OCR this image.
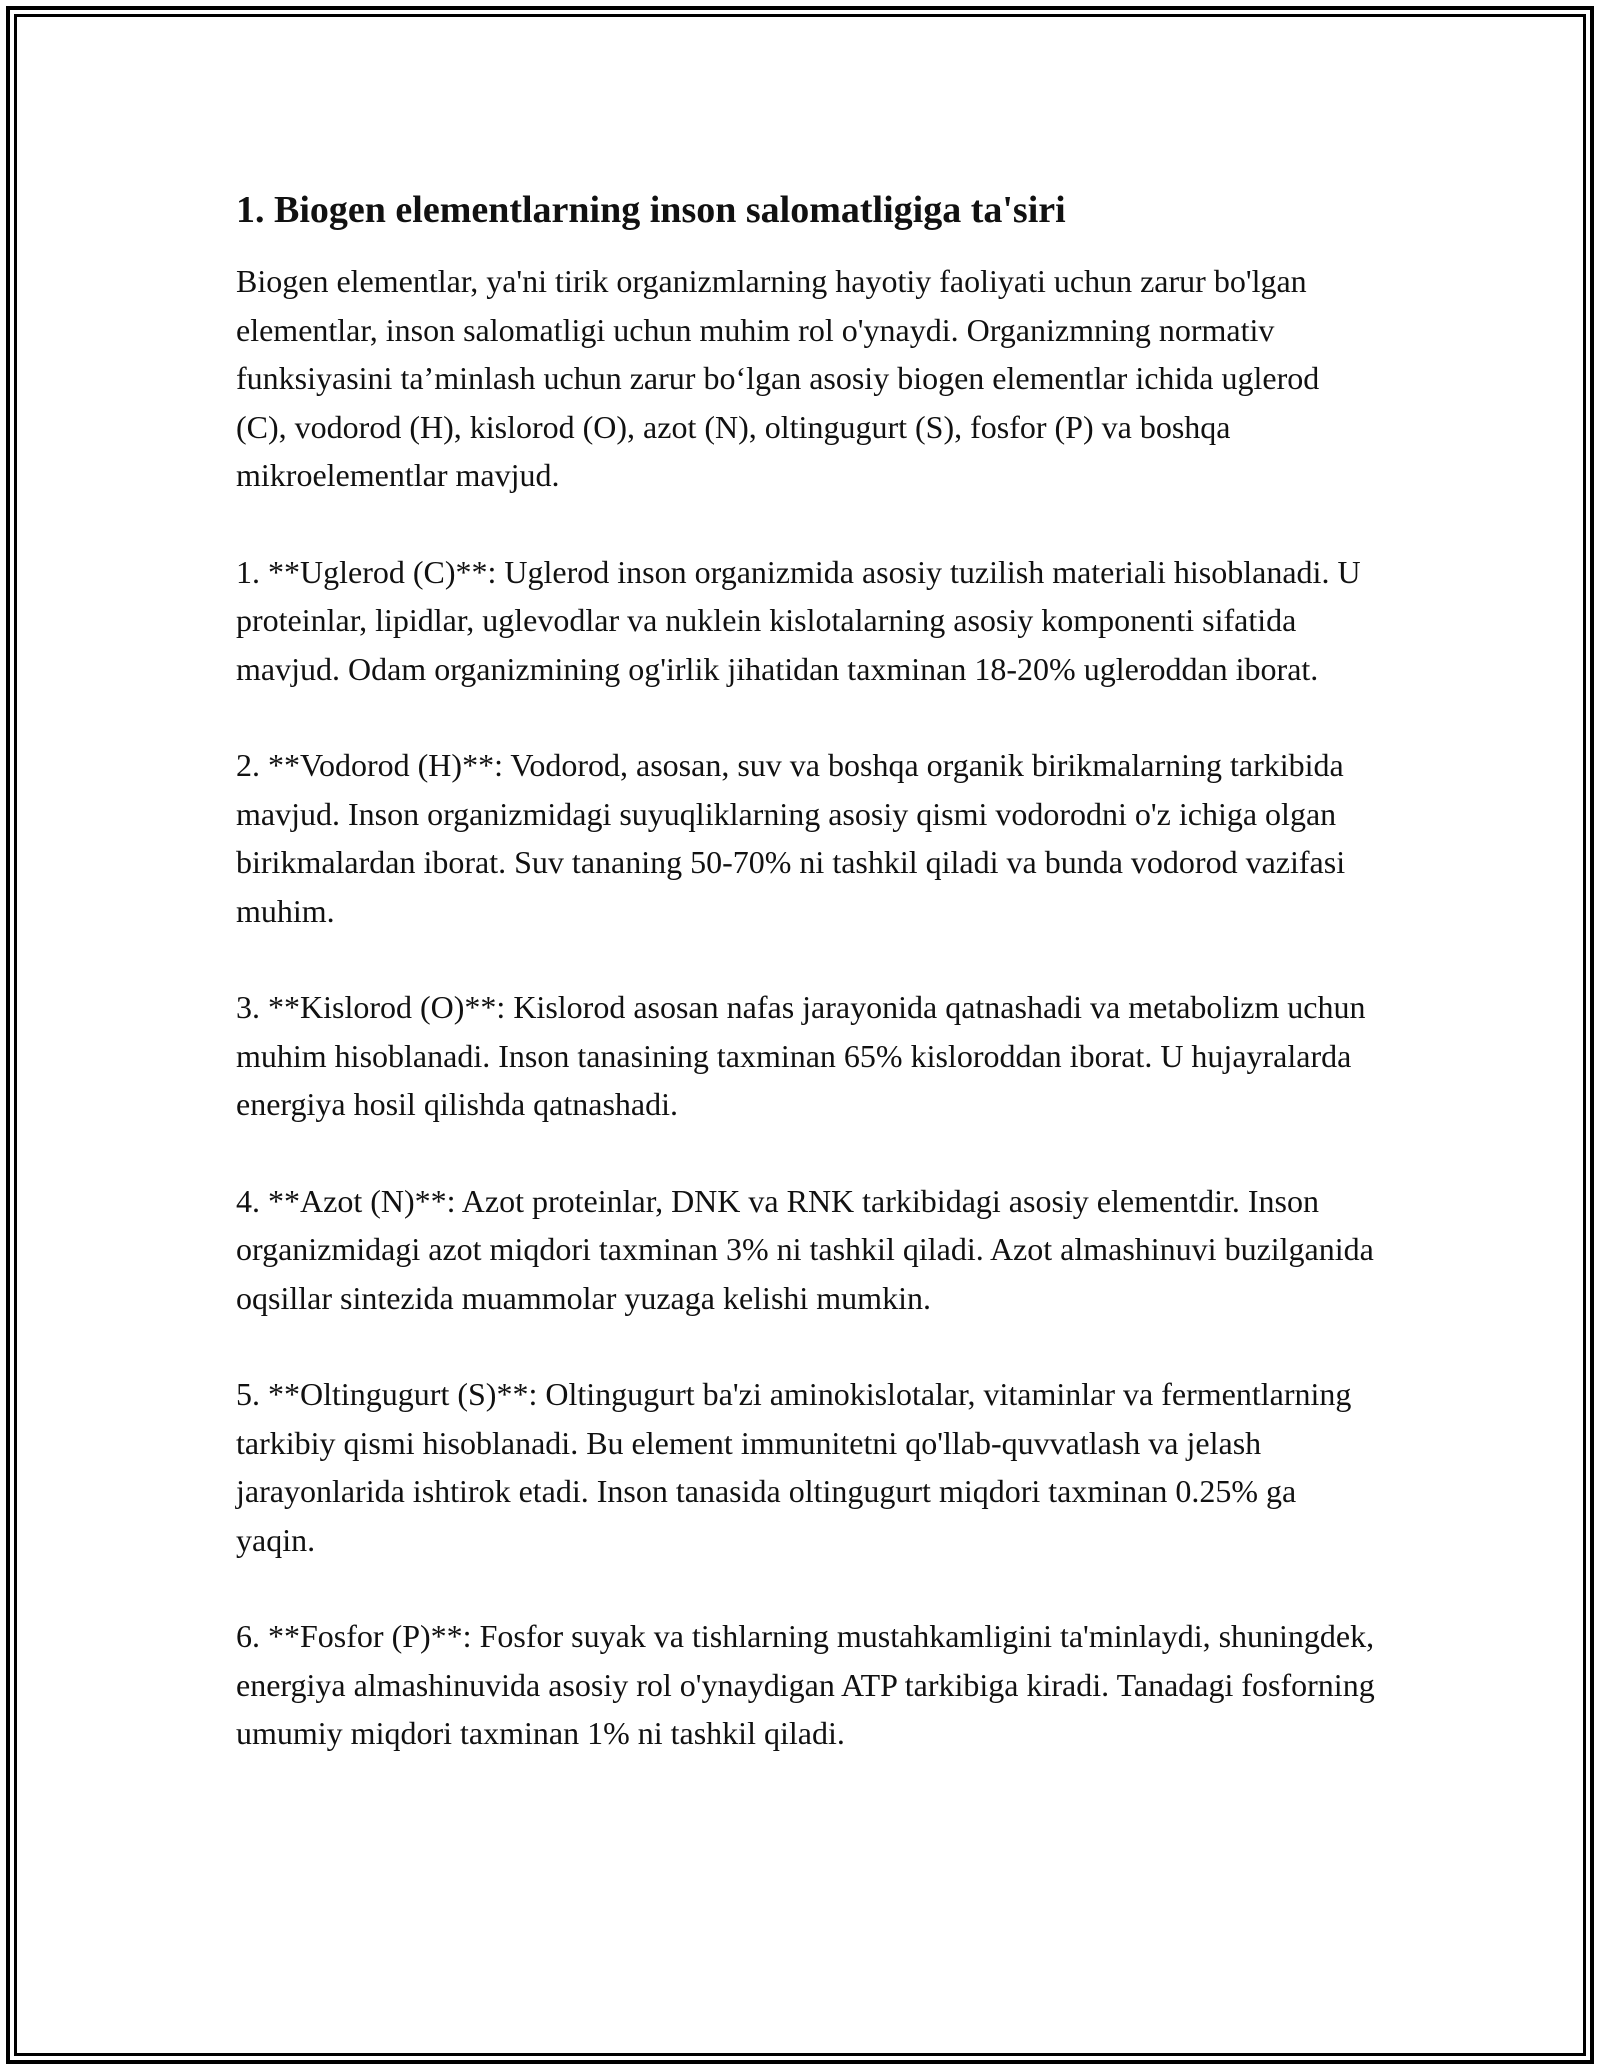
1. Biogen elementlarning inson salomatligiga ta'siri

Biogen elementlar, ya'ni tirik organizmlarning hayotiy faoliyati uchun zarur bo'lgan elementlar, inson salomatligi uchun muhim rol o'ynaydi. Organizmning normativ funksiyasini ta’minlash uchun zarur bo‘lgan asosiy biogen elementlar ichida uglerod (C), vodorod (H), kislorod (O), azot (N), oltingugurt (S), fosfor (P) va boshqa mikroelementlar mavjud.

1. **Uglerod (C)**: Uglerod inson organizmida asosiy tuzilish materiali hisoblanadi. U proteinlar, lipidlar, uglevodlar va nuklein kislotalarning asosiy komponenti sifatida mavjud. Odam organizmining og'irlik jihatidan taxminan 18-20% ugleroddan iborat.

2. **Vodorod (H)**: Vodorod, asosan, suv va boshqa organik birikmalarning tarkibida mavjud. Inson organizmidagi suyuqliklarning asosiy qismi vodorodni o'z ichiga olgan birikmalardan iborat. Suv tananing 50-70% ni tashkil qiladi va bunda vodorod vazifasi muhim.

3. **Kislorod (O)**: Kislorod asosan nafas jarayonida qatnashadi va metabolizm uchun muhim hisoblanadi. Inson tanasining taxminan 65% kisloroddan iborat. U hujayralarda energiya hosil qilishda qatnashadi.

4. **Azot (N)**: Azot proteinlar, DNK va RNK tarkibidagi asosiy elementdir. Inson organizmidagi azot miqdori taxminan 3% ni tashkil qiladi. Azot almashinuvi buzilganida oqsillar sintezida muammolar yuzaga kelishi mumkin.

5. **Oltingugurt (S)**: Oltingugurt ba'zi aminokislotalar, vitaminlar va fermentlarning tarkibiy qismi hisoblanadi. Bu element immunitetni qo'llab-quvvatlash va jelash jarayonlarida ishtirok etadi. Inson tanasida oltingugurt miqdori taxminan 0.25% ga yaqin.

6. **Fosfor (P)**: Fosfor suyak va tishlarning mustahkamligini ta'minlaydi, shuningdek, energiya almashinuvida asosiy rol o'ynaydigan ATP tarkibiga kiradi. Tanadagi fosforning umumiy miqdori taxminan 1% ni tashkil qiladi.
